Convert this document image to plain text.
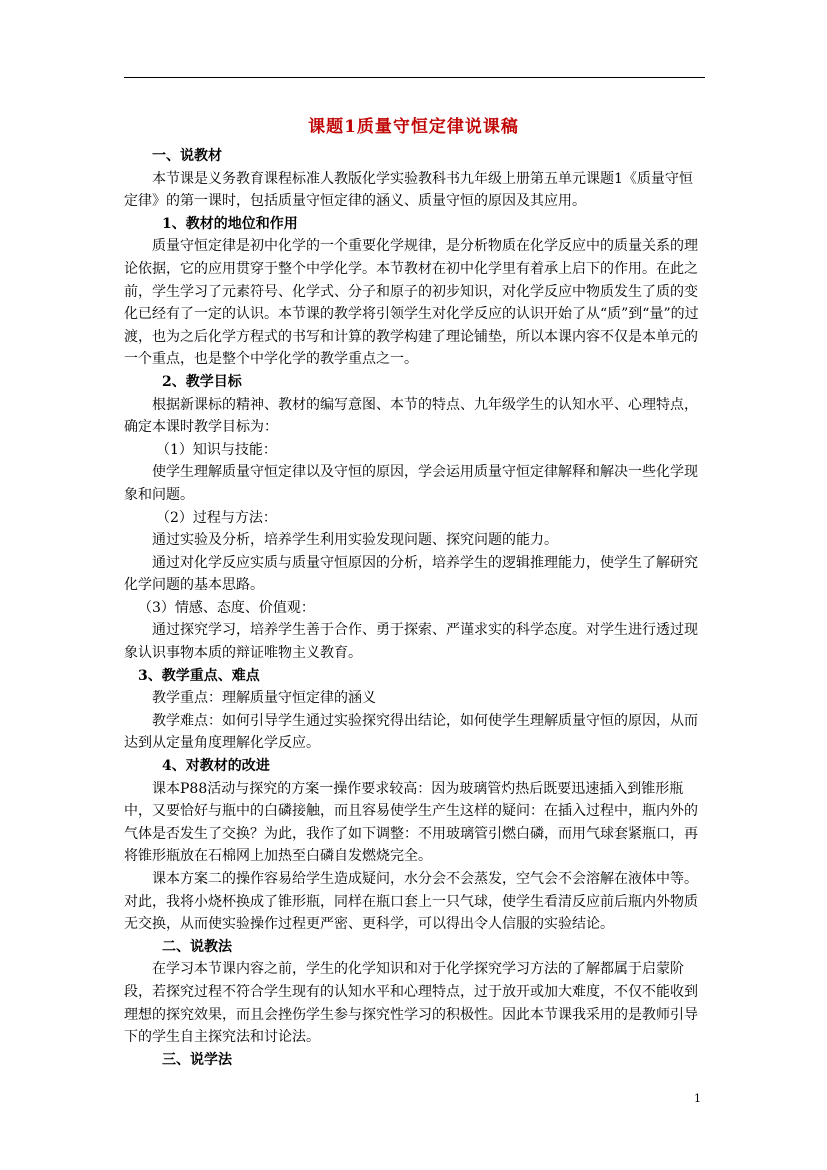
课题1质量守恒定律说课稿

一、说教材

本节课是义务教育课程标准人教版化学实验教科书九年级上册第五单元课题1《质量守恒定律》的第一课时，包括质量守恒定律的涵义、质量守恒的原因及其应用。

1、教材的地位和作用

质量守恒定律是初中化学的一个重要化学规律，是分析物质在化学反应中的质量关系的理论依据，它的应用贯穿于整个中学化学。本节教材在初中化学里有着承上启下的作用。在此之前，学生学习了元素符号、化学式、分子和原子的初步知识，对化学反应中物质发生了质的变化已经有了一定的认识。本节课的教学将引领学生对化学反应的认识开始了从“质”到“量”的过渡，也为之后化学方程式的书写和计算的教学构建了理论铺垫，所以本课内容不仅是本单元的一个重点，也是整个中学化学的教学重点之一。

2、教学目标

根据新课标的精神、教材的编写意图、本节的特点、九年级学生的认知水平、心理特点，确定本课时教学目标为：

（1）知识与技能：

使学生理解质量守恒定律以及守恒的原因，学会运用质量守恒定律解释和解决一些化学现象和问题。

（2）过程与方法：

通过实验及分析，培养学生利用实验发现问题、探究问题的能力。

通过对化学反应实质与质量守恒原因的分析，培养学生的逻辑推理能力，使学生了解研究化学问题的基本思路。

（3）情感、态度、价值观：

通过探究学习，培养学生善于合作、勇于探索、严谨求实的科学态度。对学生进行透过现象认识事物本质的辩证唯物主义教育。

3、教学重点、难点

教学重点：理解质量守恒定律的涵义

教学难点：如何引导学生通过实验探究得出结论，如何使学生理解质量守恒的原因，从而达到从定量角度理解化学反应。

4、对教材的改进

课本P88活动与探究的方案一操作要求较高：因为玻璃管灼热后既要迅速插入到锥形瓶中，又要恰好与瓶中的白磷接触，而且容易使学生产生这样的疑问：在插入过程中，瓶内外的气体是否发生了交换？为此，我作了如下调整：不用玻璃管引燃白磷，而用气球套紧瓶口，再将锥形瓶放在石棉网上加热至白磷自发燃烧完全。

课本方案二的操作容易给学生造成疑问，水分会不会蒸发，空气会不会溶解在液体中等。对此，我将小烧杯换成了锥形瓶，同样在瓶口套上一只气球，使学生看清反应前后瓶内外物质无交换，从而使实验操作过程更严密、更科学，可以得出令人信服的实验结论。

二、说教法

在学习本节课内容之前，学生的化学知识和对于化学探究学习方法的了解都属于启蒙阶段，若探究过程不符合学生现有的认知水平和心理特点，过于放开或加大难度，不仅不能收到理想的探究效果，而且会挫伤学生参与探究性学习的积极性。因此本节课我采用的是教师引导下的学生自主探究法和讨论法。

三、说学法

1
